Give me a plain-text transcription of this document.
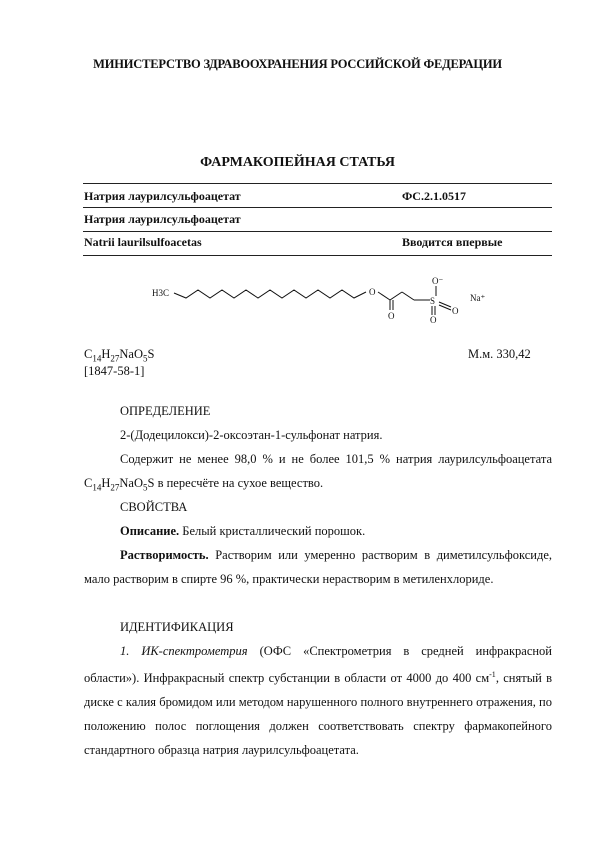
МИНИСТЕРСТВО ЗДРАВООХРАНЕНИЯ РОССИЙСКОЙ ФЕДЕРАЦИИ
ФАРМАКОПЕЙНАЯ СТАТЬЯ
Натрия лаурилсульфоацетат	ФС.2.1.0517
Натрия лаурилсульфоацетат
Natrii laurilsulfoacetas	Вводится впервые
H3C	O
O
S
O⁻
O
O
Na⁺
$C_{14}H_{27}NaO_5S$	М.м. 330,42
[1847-58-1]
ОПРЕДЕЛЕНИЕ
2-(Додецилокси)-2-оксоэтан-1-сульфонат натрия.
Содержит не менее 98,0 % и не более 101,5 % натрия лаурилсульфоацетата $C_{14}H_{27}NaO_5S$ в пересчёте на сухое вещество.
СВОЙСТВА
Описание. Белый кристаллический порошок.
Растворимость. Растворим или умеренно растворим в диметилсульфоксиде, мало растворим в спирте 96 %, практически нерастворим в метиленхлориде.
ИДЕНТИФИКАЦИЯ
1. ИК-спектрометрия (ОФС «Спектрометрия в средней инфракрасной области»). Инфракрасный спектр субстанции в области от 4000 до 400 $см^{-1}$, снятый в диске с калия бромидом или методом нарушенного полного внутреннего отражения, по положению полос поглощения должен соответствовать спектру фармакопейного стандартного образца натрия лаурилсульфоацетата.
